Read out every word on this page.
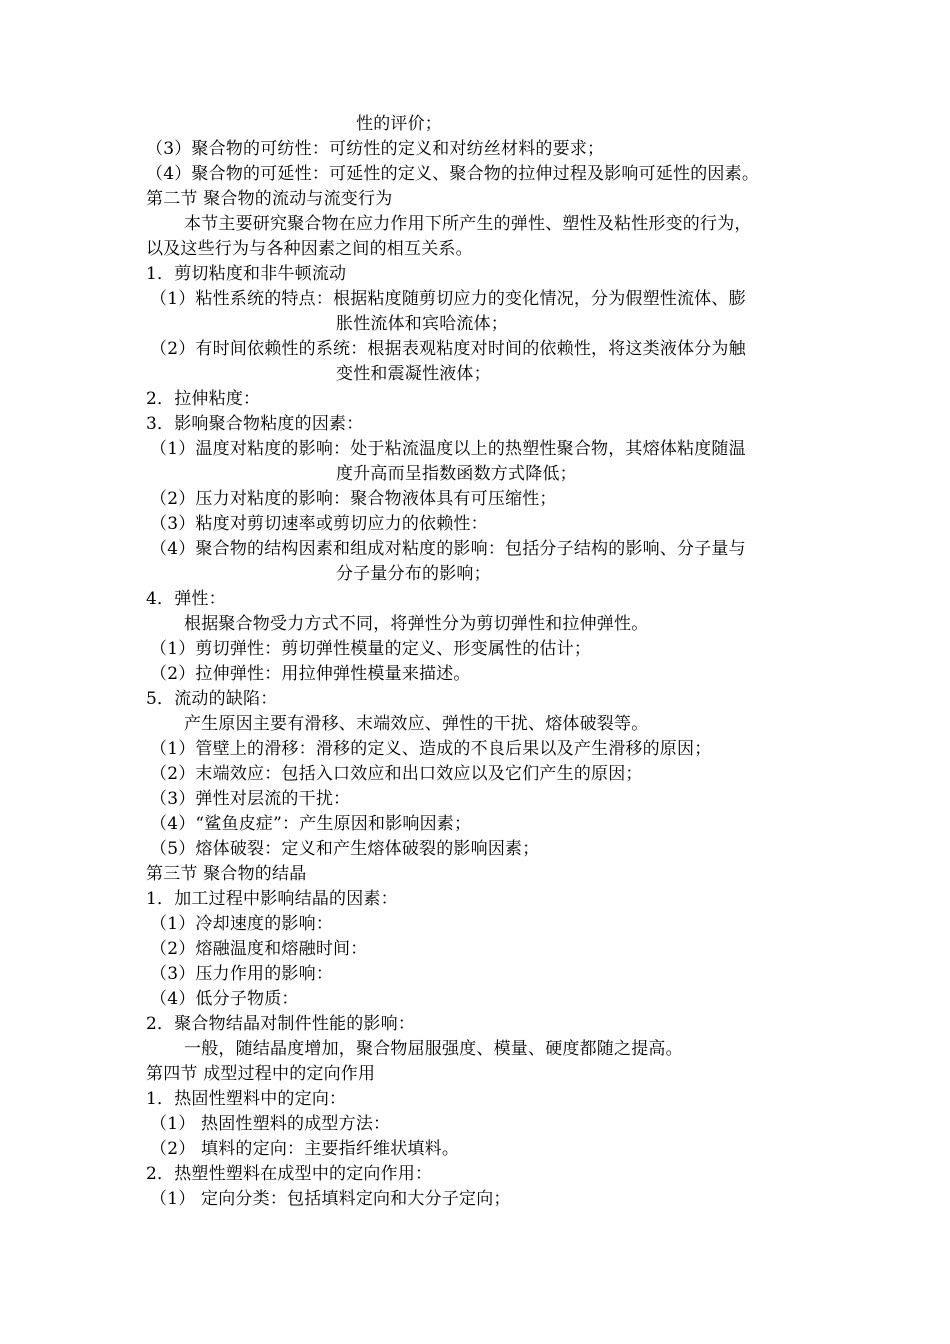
性的评价；
（3）聚合物的可纺性：可纺性的定义和对纺丝材料的要求；
（4）聚合物的可延性：可延性的定义、聚合物的拉伸过程及影响可延性的因素。
第二节 聚合物的流动与流变行为
本节主要研究聚合物在应力作用下所产生的弹性、塑性及粘性形变的行为，
以及这些行为与各种因素之间的相互关系。
1．剪切粘度和非牛顿流动
（1）粘性系统的特点：根据粘度随剪切应力的变化情况，分为假塑性流体、膨
胀性流体和宾哈流体；
（2）有时间依赖性的系统：根据表观粘度对时间的依赖性，将这类液体分为触
变性和震凝性液体；
2．拉伸粘度：
3．影响聚合物粘度的因素：
（1）温度对粘度的影响：处于粘流温度以上的热塑性聚合物，其熔体粘度随温
度升高而呈指数函数方式降低；
（2）压力对粘度的影响：聚合物液体具有可压缩性；
（3）粘度对剪切速率或剪切应力的依赖性：
（4）聚合物的结构因素和组成对粘度的影响：包括分子结构的影响、分子量与
分子量分布的影响；
4．弹性：
根据聚合物受力方式不同，将弹性分为剪切弹性和拉伸弹性。
（1）剪切弹性：剪切弹性模量的定义、形变属性的估计；
（2）拉伸弹性：用拉伸弹性模量来描述。
5．流动的缺陷：
产生原因主要有滑移、末端效应、弹性的干扰、熔体破裂等。
（1）管壁上的滑移：滑移的定义、造成的不良后果以及产生滑移的原因；
（2）末端效应：包括入口效应和出口效应以及它们产生的原因；
（3）弹性对层流的干扰：
（4）“鲨鱼皮症”：产生原因和影响因素；
（5）熔体破裂：定义和产生熔体破裂的影响因素；
第三节 聚合物的结晶
1．加工过程中影响结晶的因素：
（1）冷却速度的影响：
（2）熔融温度和熔融时间：
（3）压力作用的影响：
（4）低分子物质：
2．聚合物结晶对制件性能的影响：
一般，随结晶度增加，聚合物屈服强度、模量、硬度都随之提高。
第四节 成型过程中的定向作用
1．热固性塑料中的定向：
（1） 热固性塑料的成型方法：
（2） 填料的定向：主要指纤维状填料。
2．热塑性塑料在成型中的定向作用：
（1） 定向分类：包括填料定向和大分子定向；
